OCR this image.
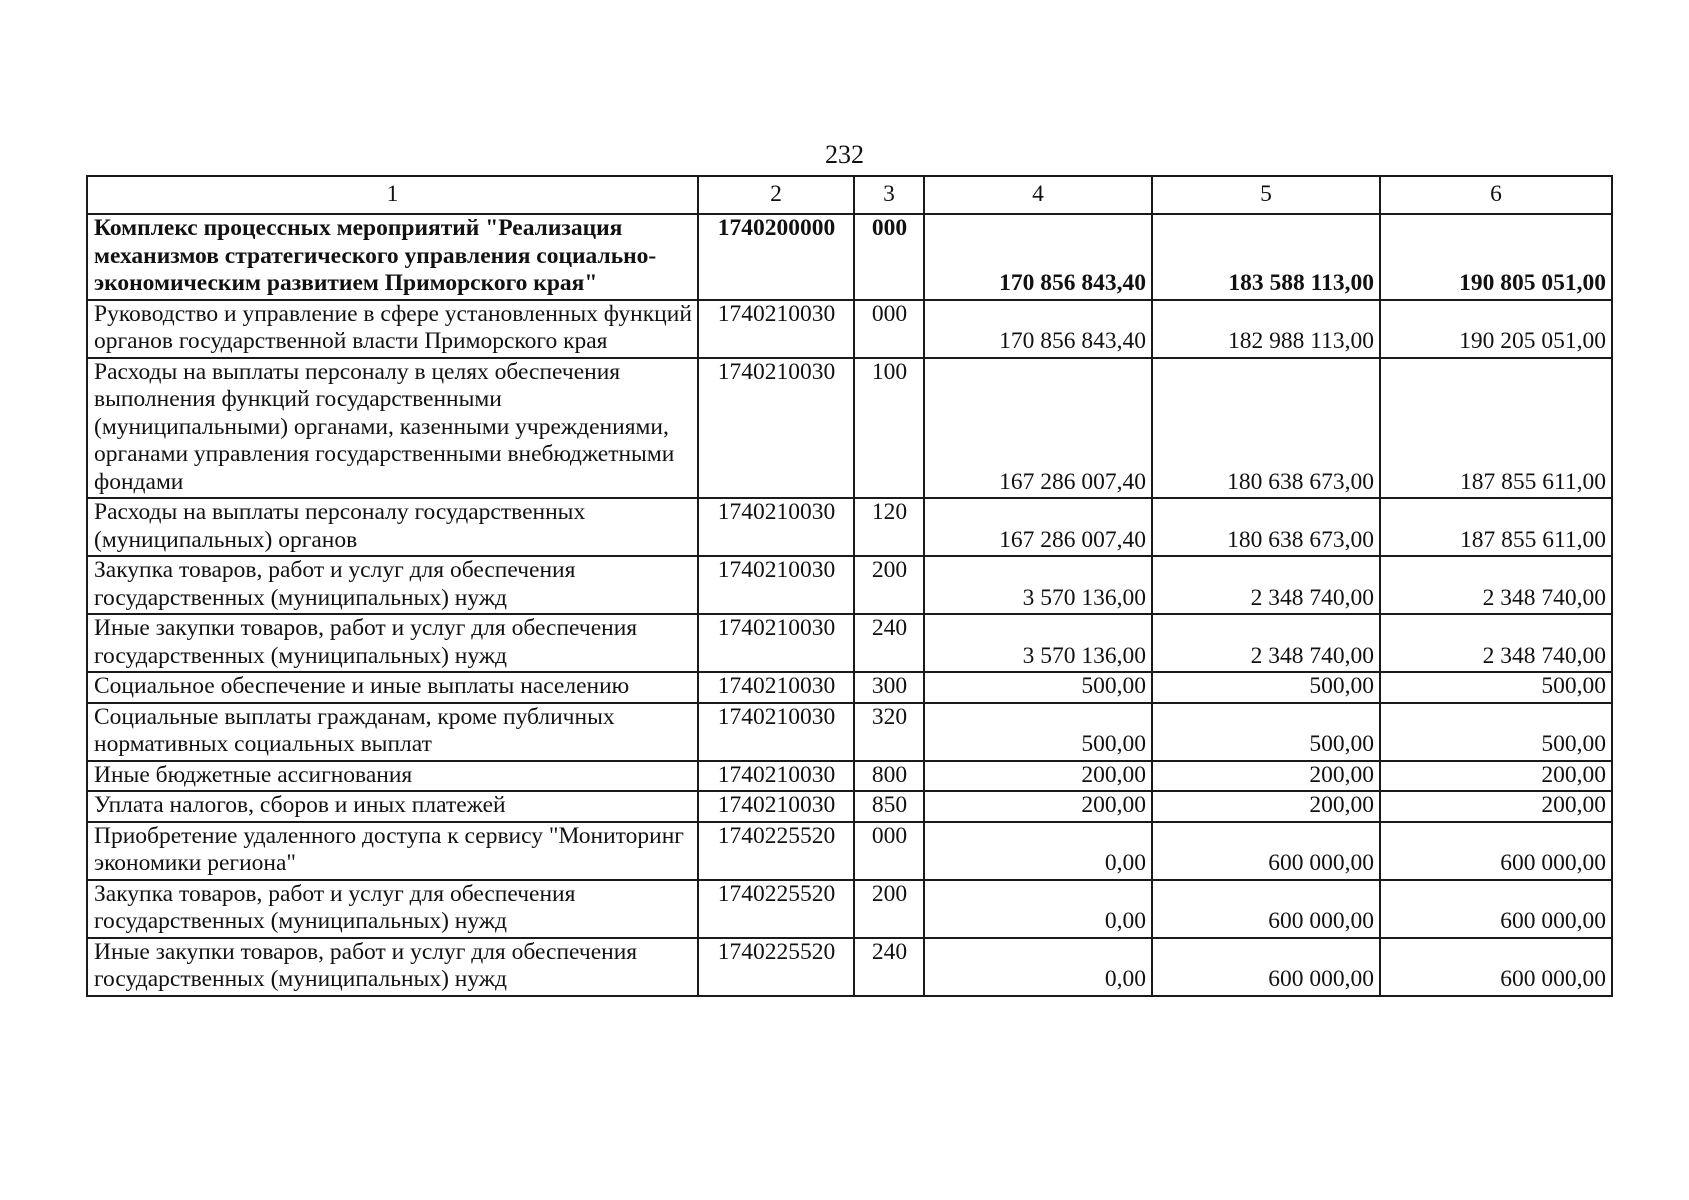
232
1	2	3	4	5	6
Комплекс процессных мероприятий "Реализация механизмов стратегического управления социально-экономическим развитием Приморского края"	1740200000	000	170 856 843,40	183 588 113,00	190 805 051,00
Руководство и управление в сфере установленных функций органов государственной власти Приморского края	1740210030	000	170 856 843,40	182 988 113,00	190 205 051,00
Расходы на выплаты персоналу в целях обеспечения выполнения функций государственными (муниципальными) органами, казенными учреждениями, органами управления государственными внебюджетными фондами	1740210030	100	167 286 007,40	180 638 673,00	187 855 611,00
Расходы на выплаты персоналу государственных (муниципальных) органов	1740210030	120	167 286 007,40	180 638 673,00	187 855 611,00
Закупка товаров, работ и услуг для обеспечения государственных (муниципальных) нужд	1740210030	200	3 570 136,00	2 348 740,00	2 348 740,00
Иные закупки товаров, работ и услуг для обеспечения государственных (муниципальных) нужд	1740210030	240	3 570 136,00	2 348 740,00	2 348 740,00
Социальное обеспечение и иные выплаты населению	1740210030	300	500,00	500,00	500,00
Социальные выплаты гражданам, кроме публичных нормативных социальных выплат	1740210030	320	500,00	500,00	500,00
Иные бюджетные ассигнования	1740210030	800	200,00	200,00	200,00
Уплата налогов, сборов и иных платежей	1740210030	850	200,00	200,00	200,00
Приобретение удаленного доступа к сервису "Мониторинг экономики региона"	1740225520	000	0,00	600 000,00	600 000,00
Закупка товаров, работ и услуг для обеспечения государственных (муниципальных) нужд	1740225520	200	0,00	600 000,00	600 000,00
Иные закупки товаров, работ и услуг для обеспечения государственных (муниципальных) нужд	1740225520	240	0,00	600 000,00	600 000,00
